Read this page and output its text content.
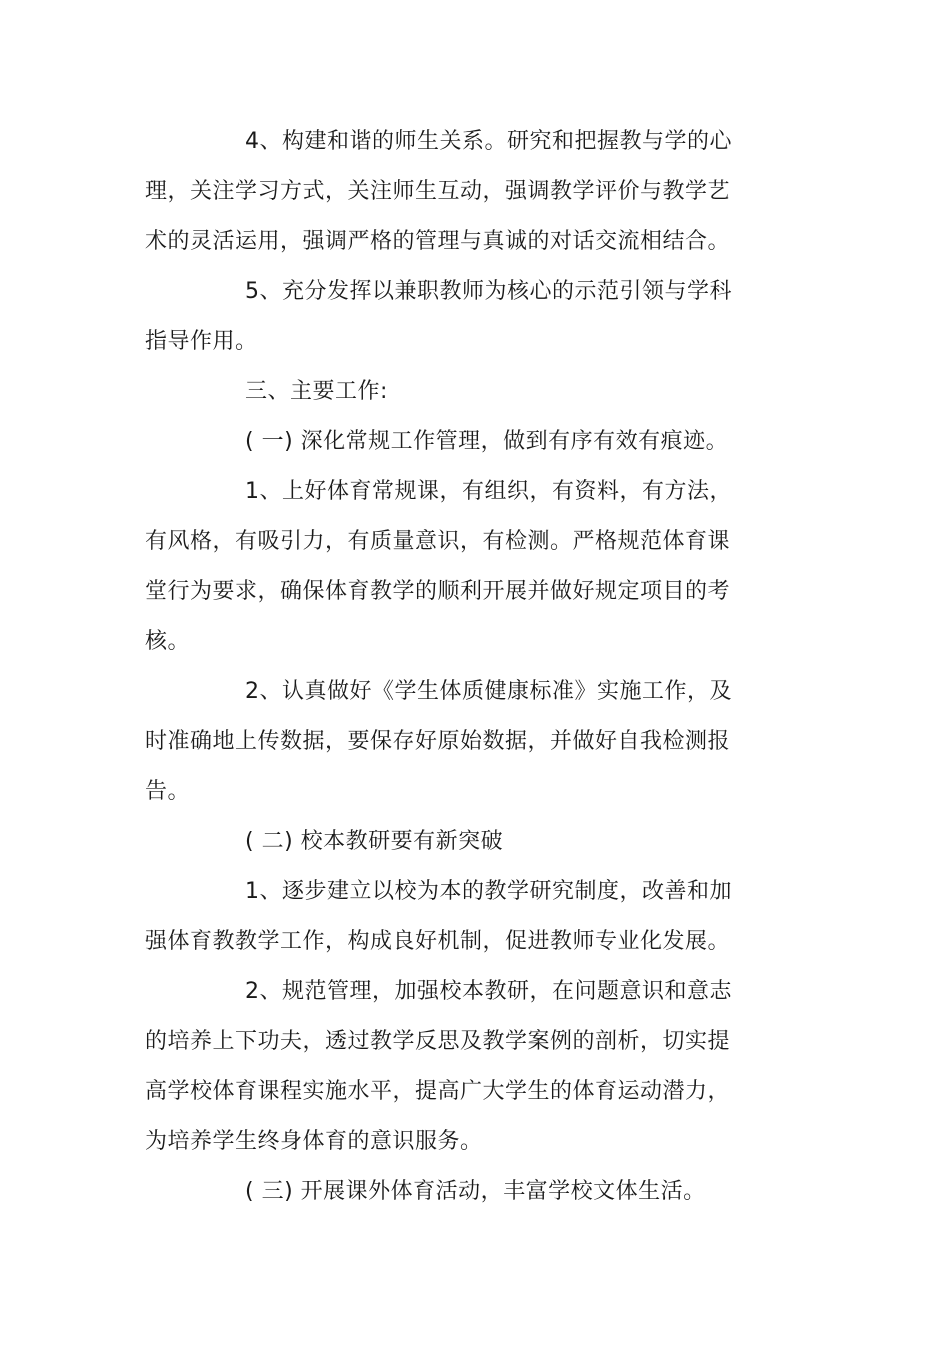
4、构建和谐的师生关系。研究和把握教与学的心理，关注学习方式，关注师生互动，强调教学评价与教学艺术的灵活运用，强调严格的管理与真诚的对话交流相结合。

5、充分发挥以兼职教师为核心的示范引领与学科指导作用。

三、主要工作:

( 一) 深化常规工作管理，做到有序有效有痕迹。

1、上好体育常规课，有组织，有资料，有方法，有风格，有吸引力，有质量意识，有检测。严格规范体育课堂行为要求，确保体育教学的顺利开展并做好规定项目的考核。

2、认真做好《学生体质健康标准》实施工作，及时准确地上传数据，要保存好原始数据，并做好自我检测报告。

( 二) 校本教研要有新突破

1、逐步建立以校为本的教学研究制度，改善和加强体育教教学工作，构成良好机制，促进教师专业化发展。

2、规范管理，加强校本教研，在问题意识和意志的培养上下功夫，透过教学反思及教学案例的剖析，切实提高学校体育课程实施水平，提高广大学生的体育运动潜力，为培养学生终身体育的意识服务。

( 三) 开展课外体育活动，丰富学校文体生活。
